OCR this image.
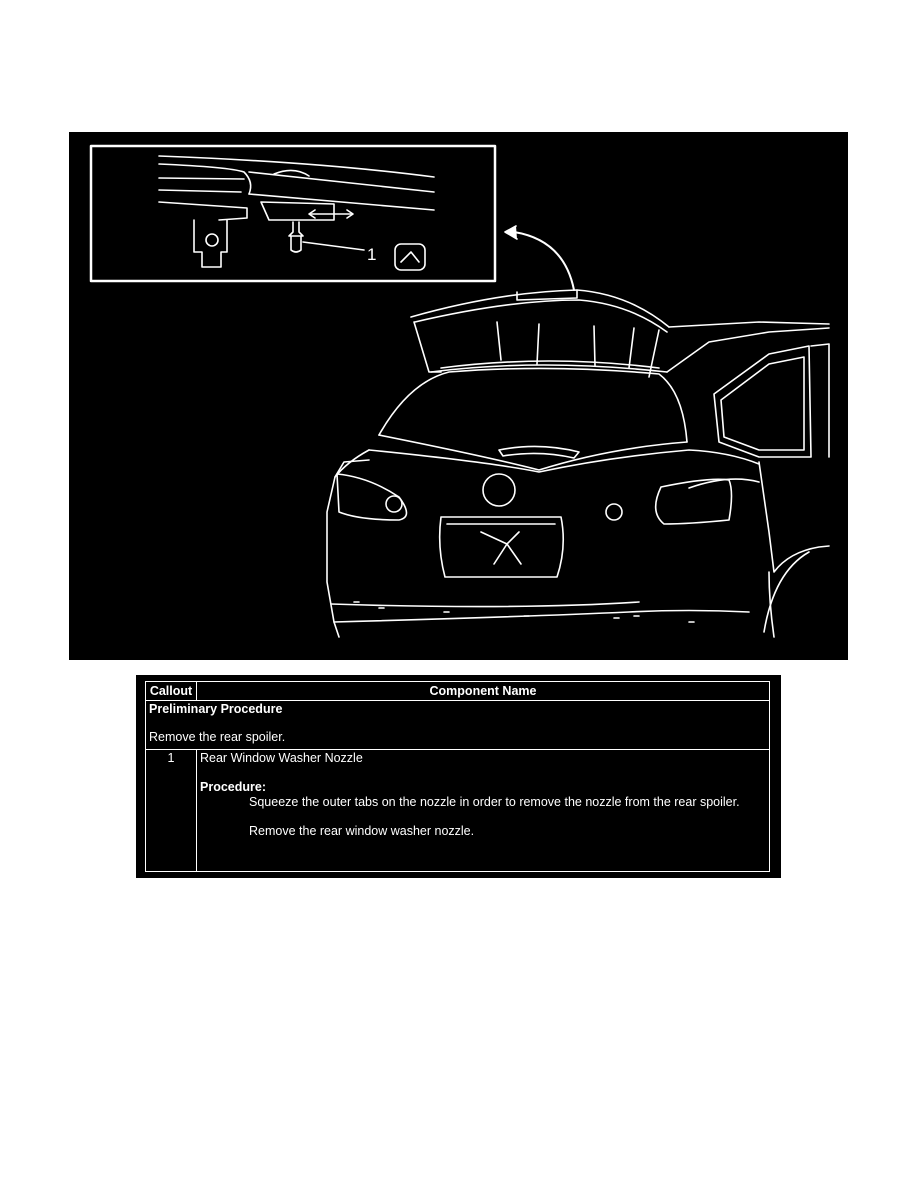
1
Callout	Component Name

Preliminary Procedure
Remove the rear spoiler.	

1	Rear Window Washer Nozzle
Procedure:
Squeeze the outer tabs on the nozzle in order to remove the nozzle from the rear spoiler.
Remove the rear window washer nozzle.
